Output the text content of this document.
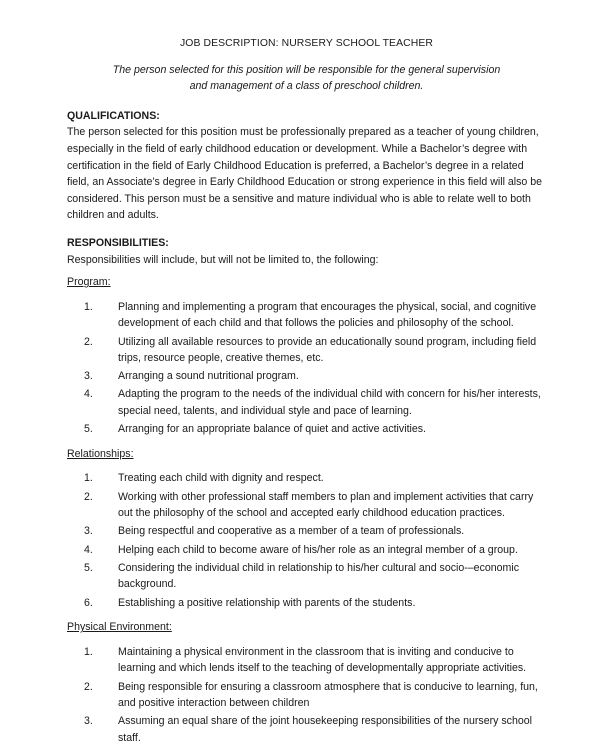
JOB DESCRIPTION: NURSERY SCHOOL TEACHER
The person selected for this position will be responsible for the general supervision
and management of a class of preschool children.
QUALIFICATIONS:
The person selected for this position must be professionally prepared as a teacher of young children, especially in the field of early childhood education or development. While a Bachelor’s degree with certification in the field of Early Childhood Education is preferred, a Bachelor’s degree in a related field, an Associate’s degree in Early Childhood Education or strong experience in this field will also be considered. This person must be a sensitive and mature individual who is able to relate well to both children and adults.
RESPONSIBILITIES:
Responsibilities will include, but will not be limited to, the following:
Program:
1.	Planning and implementing a program that encourages the physical, social, and cognitive development of each child and that follows the policies and philosophy of the school.
2.	Utilizing all available resources to provide an educationally sound program, including field trips, resource people, creative themes, etc.
3.	Arranging a sound nutritional program.
4.	Adapting the program to the needs of the individual child with concern for his/her interests, special need, talents, and individual style and pace of learning.
5.	Arranging for an appropriate balance of quiet and active activities.
Relationships:
1.	Treating each child with dignity and respect.
2.	Working with other professional staff members to plan and implement activities that carry out the philosophy of the school and accepted early childhood education practices.
3.	Being respectful and cooperative as a member of a team of professionals.
4.	Helping each child to become aware of his/her role as an integral member of a group.
5.	Considering the individual child in relationship to his/her cultural and socio-–economic background.
6.	Establishing a positive relationship with parents of the students.
Physical Environment:
1.	Maintaining a physical environment in the classroom that is inviting and conducive to learning and which lends itself to the teaching of developmentally appropriate activities.
2.	Being responsible for ensuring a classroom atmosphere that is conducive to learning, fun, and positive interaction between children
3.	Assuming an equal share of the joint housekeeping responsibilities of the nursery school staff.
